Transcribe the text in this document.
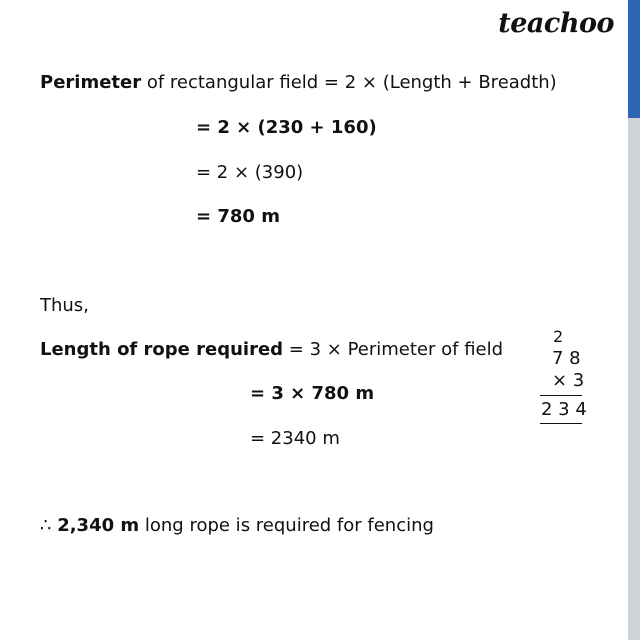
teachoo
Perimeter of rectangular field = 2 × (Length + Breadth)
= 2 × (230 + 160)
= 2 × (390)
= 780 m
Thus,
Length of rope required = 3 × Perimeter of field
= 3 × 780 m
= 2340 m
∴ 2,340 m long rope is required for fencing
2
7 8
× 3
2 3 4
